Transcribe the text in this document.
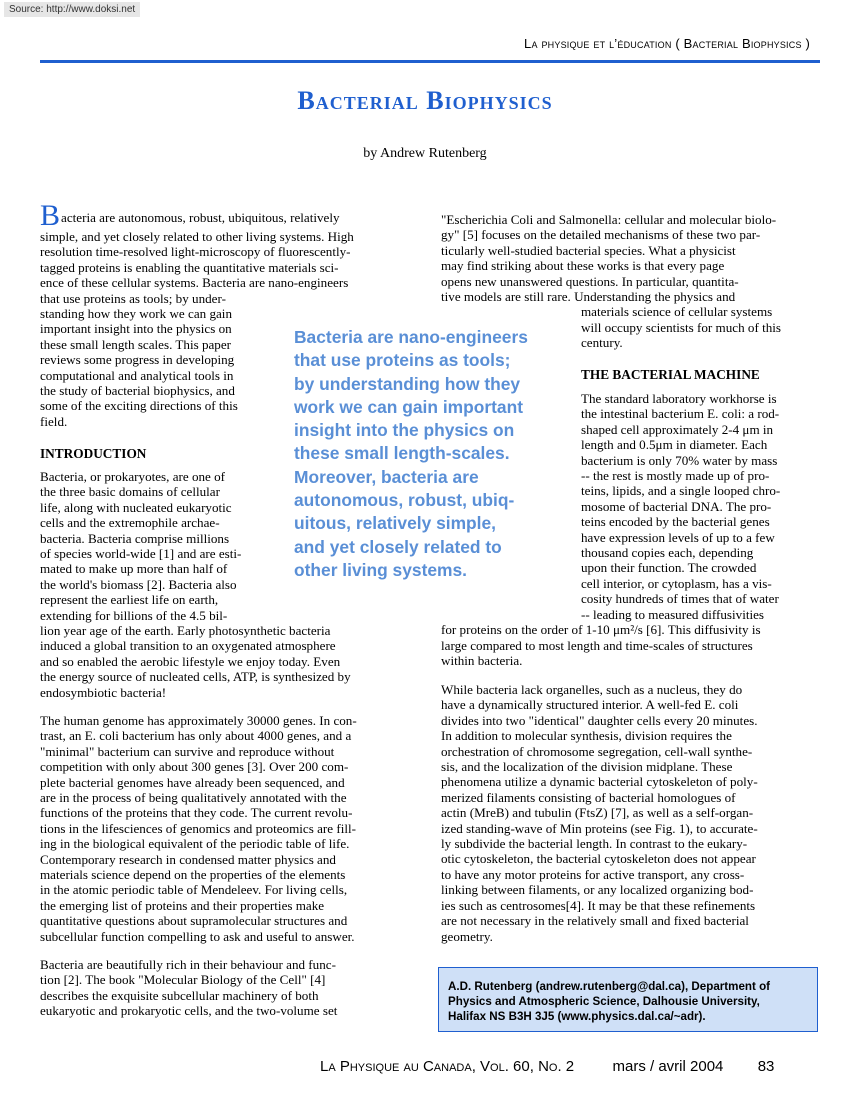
Source: http://www.doksi.net
La physique et l’éducation ( Bacterial Biophysics )
Bacterial Biophysics
by Andrew Rutenberg
B acteria are autonomous, robust, ubiquitous, relatively
simple, and yet closely related to other living systems. High
resolution time-resolved light-microscopy of fluorescently-
tagged proteins is enabling the quantitative materials sci-
ence of these cellular systems. Bacteria are nano-engineers
that use proteins as tools; by under-
standing how they work we can gain
important insight into the physics on
these small length scales. This paper
reviews some progress in developing
computational and analytical tools in
the study of bacterial biophysics, and
some of the exciting directions of this
field.
INTRODUCTION
Bacteria, or prokaryotes, are one of
the three basic domains of cellular
life, along with nucleated eukaryotic
cells and the extremophile archae-
bacteria. Bacteria comprise millions
of species world-wide [1] and are esti-
mated to make up more than half of
the world's biomass [2]. Bacteria also
represent the earliest life on earth,
extending for billions of the 4.5 bil-
lion year age of the earth. Early photosynthetic bacteria
induced a global transition to an oxygenated atmosphere
and so enabled the aerobic lifestyle we enjoy today. Even
the energy source of nucleated cells, ATP, is synthesized by
endosymbiotic bacteria!
The human genome has approximately 30000 genes. In con-
trast, an E. coli bacterium has only about 4000 genes, and a
"minimal" bacterium can survive and reproduce without
competition with only about 300 genes [3]. Over 200 com-
plete bacterial genomes have already been sequenced, and
are in the process of being qualitatively annotated with the
functions of the proteins that they code. The current revolu-
tions in the lifesciences of genomics and proteomics are fill-
ing in the biological equivalent of the periodic table of life.
Contemporary research in condensed matter physics and
materials science depend on the properties of the elements
in the atomic periodic table of Mendeleev. For living cells,
the emerging list of proteins and their properties make
quantitative questions about supramolecular structures and
subcellular function compelling to ask and useful to answer.
Bacteria are beautifully rich in their behaviour and func-
tion [2]. The book "Molecular Biology of the Cell" [4]
describes the exquisite subcellular machinery of both
eukaryotic and prokaryotic cells, and the two-volume set
"Escherichia Coli and Salmonella: cellular and molecular biolo-
gy" [5] focuses on the detailed mechanisms of these two par-
ticularly well-studied bacterial species. What a physicist
may find striking about these works is that every page
opens new unanswered questions. In particular, quantita-
tive models are still rare. Understanding the physics and
materials science of cellular systems
will occupy scientists for much of this
century.
THE BACTERIAL MACHINE
The standard laboratory workhorse is
the intestinal bacterium E. coli: a rod-
shaped cell approximately 2-4 μm in
length and 0.5μm in diameter. Each
bacterium is only 70% water by mass
-- the rest is mostly made up of pro-
teins, lipids, and a single looped chro-
mosome of bacterial DNA. The pro-
teins encoded by the bacterial genes
have expression levels of up to a few
thousand copies each, depending
upon their function. The crowded
cell interior, or cytoplasm, has a vis-
cosity hundreds of times that of water
-- leading to measured diffusivities
for proteins on the order of 1-10 μm²/s [6]. This diffusivity is
large compared to most length and time-scales of structures
within bacteria.
While bacteria lack organelles, such as a nucleus, they do
have a dynamically structured interior. A well-fed E. coli
divides into two "identical" daughter cells every 20 minutes.
In addition to molecular synthesis, division requires the
orchestration of chromosome segregation, cell-wall synthe-
sis, and the localization of the division midplane. These
phenomena utilize a dynamic bacterial cytoskeleton of poly-
merized filaments consisting of bacterial homologues of
actin (MreB) and tubulin (FtsZ) [7], as well as a self-organ-
ized standing-wave of Min proteins (see Fig. 1), to accurate-
ly subdivide the bacterial length. In contrast to the eukary-
otic cytoskeleton, the bacterial cytoskeleton does not appear
to have any motor proteins for active transport, any cross-
linking between filaments, or any localized organizing bod-
ies such as centrosomes[4]. It may be that these refinements
are not necessary in the relatively small and fixed bacterial
geometry.
Bacteria are nano-engineers
that use proteins as tools;
by understanding how they
work we can gain important
insight into the physics on
these small length-scales.
Moreover, bacteria are
autonomous, robust, ubiq-
uitous, relatively simple,
and yet closely related to
other living systems.
A.D. Rutenberg (andrew.rutenberg@dal.ca), Department of
Physics and Atmospheric Science, Dalhousie University,
Halifax NS B3H 3J5 (www.physics.dal.ca/~adr).
La Physique au Canada, Vol. 60, No. 2	mars / avril 2004 83
